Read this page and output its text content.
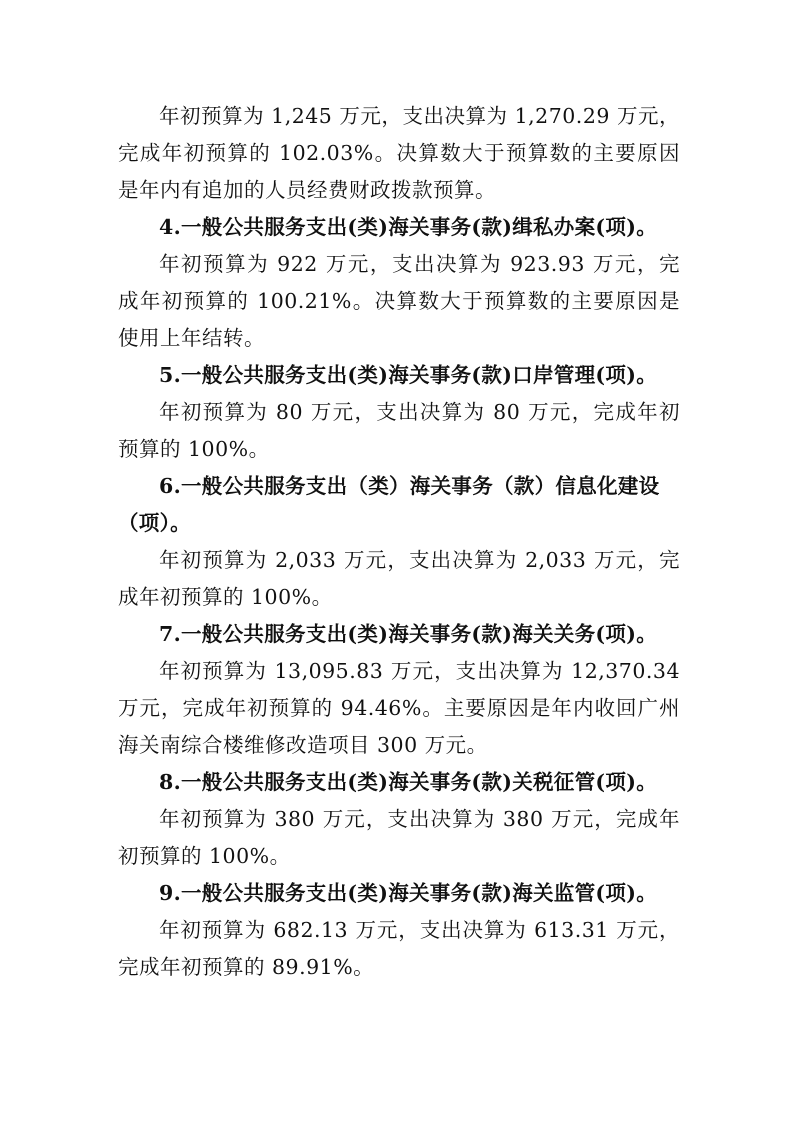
年初预算为 1,245 万元，支出决算为 1,270.29 万元，完成年初预算的 102.03%。决算数大于预算数的主要原因是年内有追加的人员经费财政拨款预算。

4.一般公共服务支出(类)海关事务(款)缉私办案(项)。

年初预算为 922 万元，支出决算为 923.93 万元，完成年初预算的 100.21%。决算数大于预算数的主要原因是使用上年结转。

5.一般公共服务支出(类)海关事务(款)口岸管理(项)。

年初预算为 80 万元，支出决算为 80 万元，完成年初预算的 100%。

6.一般公共服务支出（类）海关事务（款）信息化建设（项）。

年初预算为 2,033 万元，支出决算为 2,033 万元，完成年初预算的 100%。

7.一般公共服务支出(类)海关事务(款)海关关务(项)。

年初预算为 13,095.83 万元，支出决算为 12,370.34 万元，完成年初预算的 94.46%。主要原因是年内收回广州海关南综合楼维修改造项目 300 万元。

8.一般公共服务支出(类)海关事务(款)关税征管(项)。

年初预算为 380 万元，支出决算为 380 万元，完成年初预算的 100%。

9.一般公共服务支出(类)海关事务(款)海关监管(项)。

年初预算为 682.13 万元，支出决算为 613.31 万元，完成年初预算的 89.91%。
